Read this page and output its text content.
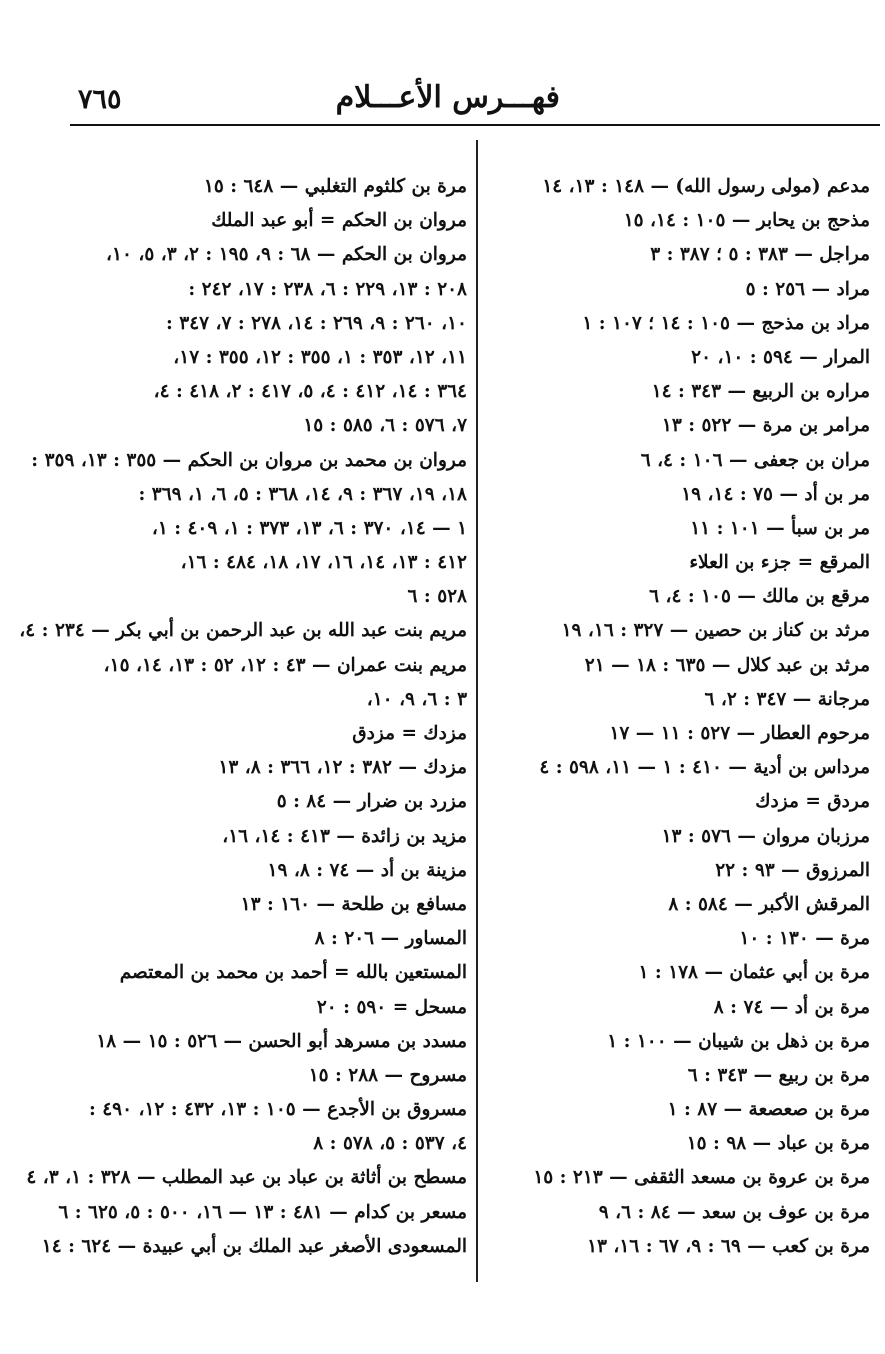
٧٦٥	فهـــرس الأعـــلام
مدعم (مولى رسول الله) — ١٤٨ : ١٣، ١٤
مذحج بن يحابر — ١٠٥ : ١٤، ١٥
مراجل — ٣٨٣ : ٥ ؛ ٣٨٧ : ٣
مراد — ٢٥٦ : ٥
مراد بن مذحج — ١٠٥ : ١٤ ؛ ١٠٧ : ١
المرار — ٥٩٤ : ١٠، ٢٠
مراره بن الربيع — ٣٤٣ : ١٤
مرامر بن مرة — ٥٢٢ : ١٣
مران بن جعفى — ١٠٦ : ٤، ٦
مر بن أد — ٧٥ : ١٤، ١٩
مر بن سبأ — ١٠١ : ١١
المرقع = جزء بن العلاء
مرقع بن مالك — ١٠٥ : ٤، ٦
مرثد بن كناز بن حصين — ٣٢٧ : ١٦، ١٩
مرثد بن عبد كلال — ٦٣٥ : ١٨ — ٢١
مرجانة — ٣٤٧ : ٢، ٦
مرحوم العطار — ٥٢٧ : ١١ — ١٧
مرداس بن أدية — ٤١٠ : ١ — ١١، ٥٩٨ : ٤
مردق = مزدك
مرزبان مروان — ٥٧٦ : ١٣
المرزوق — ٩٣ : ٢٢
المرقش الأكبر — ٥٨٤ : ٨
مرة — ١٣٠ : ١٠
مرة بن أبي عثمان — ١٧٨ : ١
مرة بن أد — ٧٤ : ٨
مرة بن ذهل بن شيبان — ١٠٠ : ١
مرة بن ربيع — ٣٤٣ : ٦
مرة بن صعصعة — ٨٧ : ١
مرة بن عباد — ٩٨ : ١٥
مرة بن عروة بن مسعد الثقفى — ٢١٣ : ١٥
مرة بن عوف بن سعد — ٨٤ : ٦، ٩
مرة بن كعب — ٦٩ : ٩، ٦٧ : ١٦، ١٣
مرة بن كلثوم التغلبي — ٦٤٨ : ١٥
مروان بن الحكم = أبو عبد الملك
مروان بن الحكم — ٦٨ : ٩، ١٩٥ : ٢، ٣، ٥، ١٠،
٢٠٨ : ١٣، ٢٢٩ : ٦، ٢٣٨ : ١٧، ٢٤٢ :
١٠، ٢٦٠ : ٩، ٢٦٩ : ١٤، ٢٧٨ : ٧، ٣٤٧ :
١١، ١٢، ٣٥٣ : ١، ٣٥٥ : ١٢، ٣٥٥ : ١٧،
٣٦٤ : ١٤، ٤١٢ : ٤، ٥، ٤١٧ : ٢، ٤١٨ : ٤،
٧، ٥٧٦ : ٦، ٥٨٥ : ١٥
مروان بن محمد بن مروان بن الحكم — ٣٥٥ : ١٣، ٣٥٩ :
١٨، ١٩، ٣٦٧ : ٩، ١٤، ٣٦٨ : ٥، ٦، ١، ٣٦٩ :
١ — ١٤، ٣٧٠ : ٦، ١٣، ٣٧٣ : ١، ٤٠٩ : ١،
٤١٢ : ١٣، ١٤، ١٦، ١٧، ١٨، ٤٨٤ : ١٦،
٥٢٨ : ٦
مريم بنت عبد الله بن عبد الرحمن بن أبي بكر — ٢٣٤ : ٤،
مريم بنت عمران — ٤٣ : ١٢، ٥٢ : ١٣، ١٤، ١٥،
٣ : ٦، ٩، ١٠،
مزدك = مزدق
مزدك — ٣٨٢ : ١٢، ٣٦٦ : ٨، ١٣
مزرد بن ضرار — ٨٤ : ٥
مزيد بن زائدة — ٤١٣ : ١٤، ١٦،
مزينة بن أد — ٧٤ : ٨، ١٩
مسافع بن طلحة — ١٦٠ : ١٣
المساور — ٢٠٦ : ٨
المستعين بالله = أحمد بن محمد بن المعتصم
مسحل = ٥٩٠ : ٢٠
مسدد بن مسرهد أبو الحسن — ٥٢٦ : ١٥ — ١٨
مسروح — ٢٨٨ : ١٥
مسروق بن الأجدع — ١٠٥ : ١٣، ٤٣٢ : ١٢، ٤٩٠ :
٤، ٥٣٧ : ٥، ٥٧٨ : ٨
مسطح بن أثاثة بن عباد بن عبد المطلب — ٣٢٨ : ١، ٣، ٤
مسعر بن كدام — ٤٨١ : ١٣ — ١٦، ٥٠٠ : ٥، ٦٢٥ : ٦
المسعودى الأصغر عبد الملك بن أبي عبيدة — ٦٢٤ : ١٤
